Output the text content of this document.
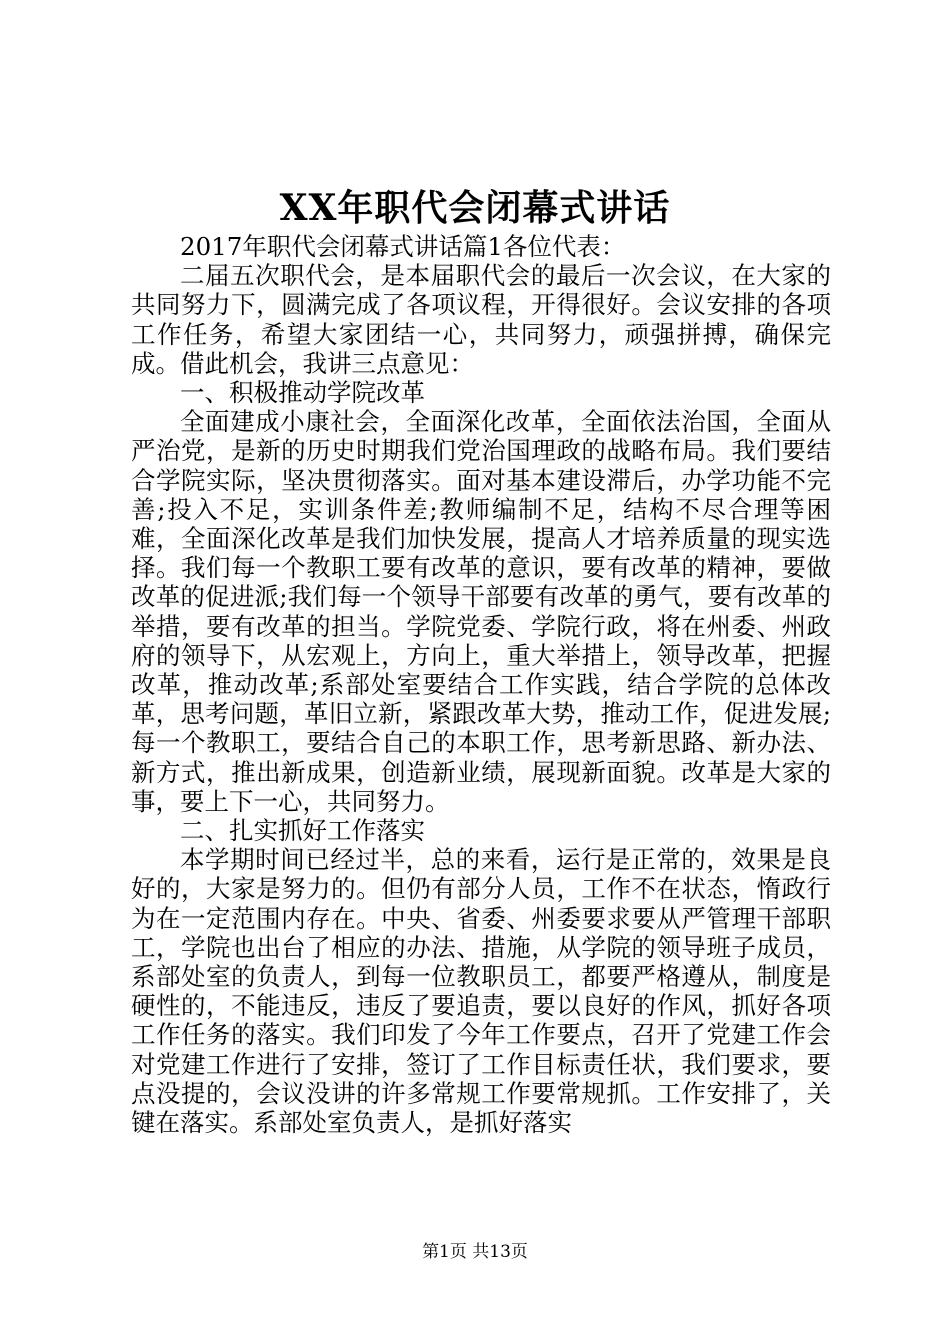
XX年职代会闭幕式讲话

2017年职代会闭幕式讲话篇1各位代表：

二届五次职代会，是本届职代会的最后一次会议，在大家的共同努力下，圆满完成了各项议程，开得很好。会议安排的各项工作任务，希望大家团结一心，共同努力，顽强拼搏，确保完成。借此机会，我讲三点意见：

一、积极推动学院改革

全面建成小康社会，全面深化改革，全面依法治国，全面从严治党，是新的历史时期我们党治国理政的战略布局。我们要结合学院实际，坚决贯彻落实。面对基本建设滞后，办学功能不完善;投入不足，实训条件差;教师编制不足，结构不尽合理等困难，全面深化改革是我们加快发展，提高人才培养质量的现实选择。我们每一个教职工要有改革的意识，要有改革的精神，要做改革的促进派;我们每一个领导干部要有改革的勇气，要有改革的举措，要有改革的担当。学院党委、学院行政，将在州委、州政府的领导下，从宏观上，方向上，重大举措上，领导改革，把握改革，推动改革;系部处室要结合工作实践，结合学院的总体改革，思考问题，革旧立新，紧跟改革大势，推动工作，促进发展;每一个教职工，要结合自己的本职工作，思考新思路、新办法、新方式，推出新成果，创造新业绩，展现新面貌。改革是大家的事，要上下一心，共同努力。

二、扎实抓好工作落实

本学期时间已经过半，总的来看，运行是正常的，效果是良好的，大家是努力的。但仍有部分人员，工作不在状态，惰政行为在一定范围内存在。中央、省委、州委要求要从严管理干部职工，学院也出台了相应的办法、措施，从学院的领导班子成员，系部处室的负责人，到每一位教职员工，都要严格遵从，制度是硬性的，不能违反，违反了要追责，要以良好的作风，抓好各项工作任务的落实。我们印发了今年工作要点，召开了党建工作会对党建工作进行了安排，签订了工作目标责任状，我们要求，要点没提的，会议没讲的许多常规工作要常规抓。工作安排了，关键在落实。系部处室负责人，是抓好落实

第1页 共13页
